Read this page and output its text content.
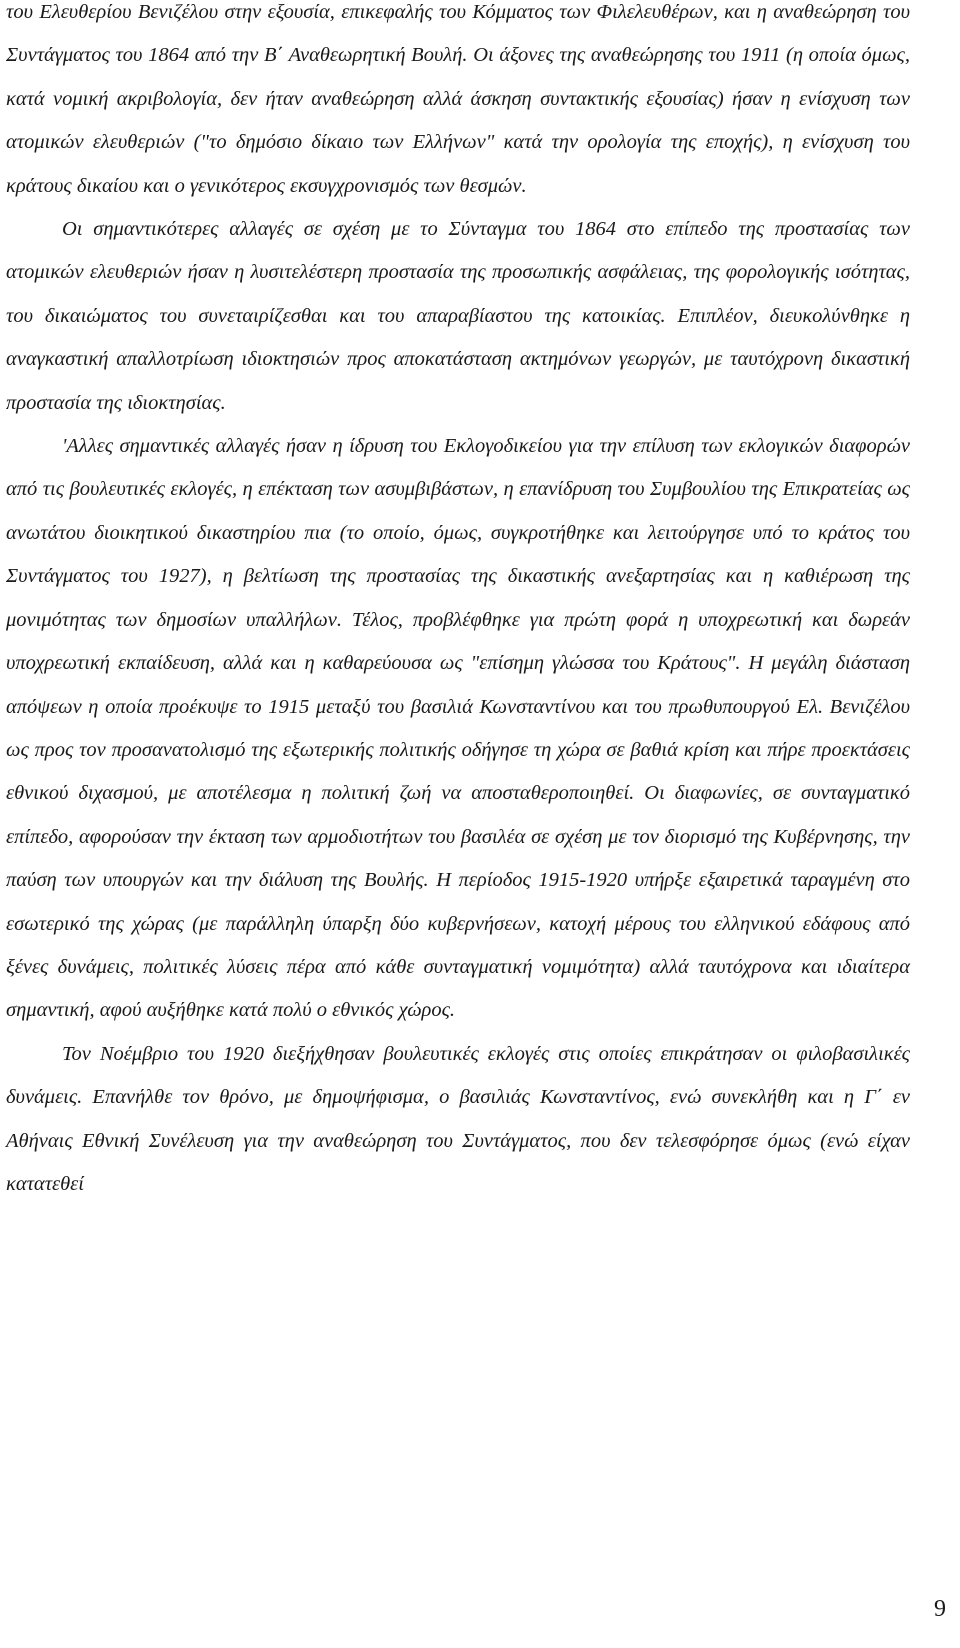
του Ελευθερίου Βενιζέλου στην εξουσία, επικεφαλής του Κόμματος των Φιλελευθέρων, και η αναθεώρηση του Συντάγματος του 1864 από την Β΄ Αναθεωρητική Βουλή. Οι άξονες της αναθεώρησης του 1911 (η οποία όμως, κατά νομική ακριβολογία, δεν ήταν αναθεώρηση αλλά άσκηση συντακτικής εξουσίας) ήσαν η ενίσχυση των ατομικών ελευθεριών ("το δημόσιο δίκαιο των Ελλήνων" κατά την ορολογία της εποχής), η ενίσχυση του κράτους δικαίου και ο γενικότερος εκσυγχρονισμός των θεσμών.

Οι σημαντικότερες αλλαγές σε σχέση με το Σύνταγμα του 1864 στο επίπεδο της προστασίας των ατομικών ελευθεριών ήσαν η λυσιτελέστερη προστασία της προσωπικής ασφάλειας, της φορολογικής ισότητας, του δικαιώματος του συνεταιρίζεσθαι και του απαραβίαστου της κατοικίας. Επιπλέον, διευκολύνθηκε η αναγκαστική απαλλοτρίωση ιδιοκτησιών προς αποκατάσταση ακτημόνων γεωργών, με ταυτόχρονη δικαστική προστασία της ιδιοκτησίας.

'Αλλες σημαντικές αλλαγές ήσαν η ίδρυση του Εκλογοδικείου για την επίλυση των εκλογικών διαφορών από τις βουλευτικές εκλογές, η επέκταση των ασυμβιβάστων, η επανίδρυση του Συμβουλίου της Επικρατείας ως ανωτάτου διοικητικού δικαστηρίου πια (το οποίο, όμως, συγκροτήθηκε και λειτούργησε υπό το κράτος του Συντάγματος του 1927), η βελτίωση της προστασίας της δικαστικής ανεξαρτησίας και η καθιέρωση της μονιμότητας των δημοσίων υπαλλήλων. Τέλος, προβλέφθηκε για πρώτη φορά η υποχρεωτική και δωρεάν υποχρεωτική εκπαίδευση, αλλά και η καθαρεύουσα ως "επίσημη γλώσσα του Κράτους". Η μεγάλη διάσταση απόψεων η οποία προέκυψε το 1915 μεταξύ του βασιλιά Κωνσταντίνου και του πρωθυπουργού Ελ. Βενιζέλου ως προς τον προσανατολισμό της εξωτερικής πολιτικής οδήγησε τη χώρα σε βαθιά κρίση και πήρε προεκτάσεις εθνικού διχασμού, με αποτέλεσμα η πολιτική ζωή να αποσταθεροποιηθεί. Οι διαφωνίες, σε συνταγματικό επίπεδο, αφορούσαν την έκταση των αρμοδιοτήτων του βασιλέα σε σχέση με τον διορισμό της Κυβέρνησης, την παύση των υπουργών και την διάλυση της Βουλής. Η περίοδος 1915-1920 υπήρξε εξαιρετικά ταραγμένη στο εσωτερικό της χώρας (με παράλληλη ύπαρξη δύο κυβερνήσεων, κατοχή μέρους του ελληνικού εδάφους από ξένες δυνάμεις, πολιτικές λύσεις πέρα από κάθε συνταγματική νομιμότητα) αλλά ταυτόχρονα και ιδιαίτερα σημαντική, αφού αυξήθηκε κατά πολύ ο εθνικός χώρος.

Τον Νοέμβριο του 1920 διεξήχθησαν βουλευτικές εκλογές στις οποίες επικράτησαν οι φιλοβασιλικές δυνάμεις. Επανήλθε τον θρόνο, με δημοψήφισμα, ο βασιλιάς Κωνσταντίνος, ενώ συνεκλήθη και η Γ΄ εν Αθήναις Εθνική Συνέλευση για την αναθεώρηση του Συντάγματος, που δεν τελεσφόρησε όμως (ενώ είχαν κατατεθεί

9
